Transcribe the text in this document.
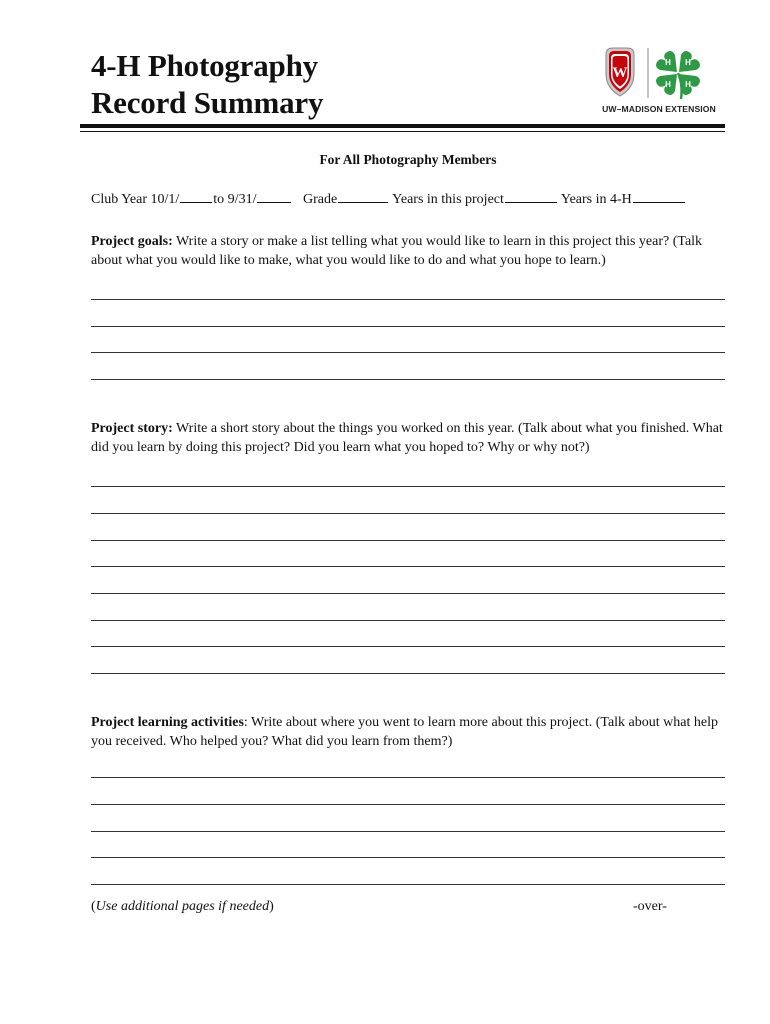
4-H Photography
Record Summary
W
H H
H H
UW–MADISON EXTENSION
For All Photography Members
Club Year 10/1/ to 9/31/	Grade	Years in this project	Years in 4-H
Project goals: Write a story or make a list telling what you would like to learn in this project this year? (Talk about what you would like to make, what you would like to do and what you hope to learn.)
Project story: Write a short story about the things you worked on this year. (Talk about what you finished. What did you learn by doing this project? Did you learn what you hoped to? Why or why not?)
Project learning activities: Write about where you went to learn more about this project. (Talk about what help you received. Who helped you? What did you learn from them?)
(Use additional pages if needed)	-over-
